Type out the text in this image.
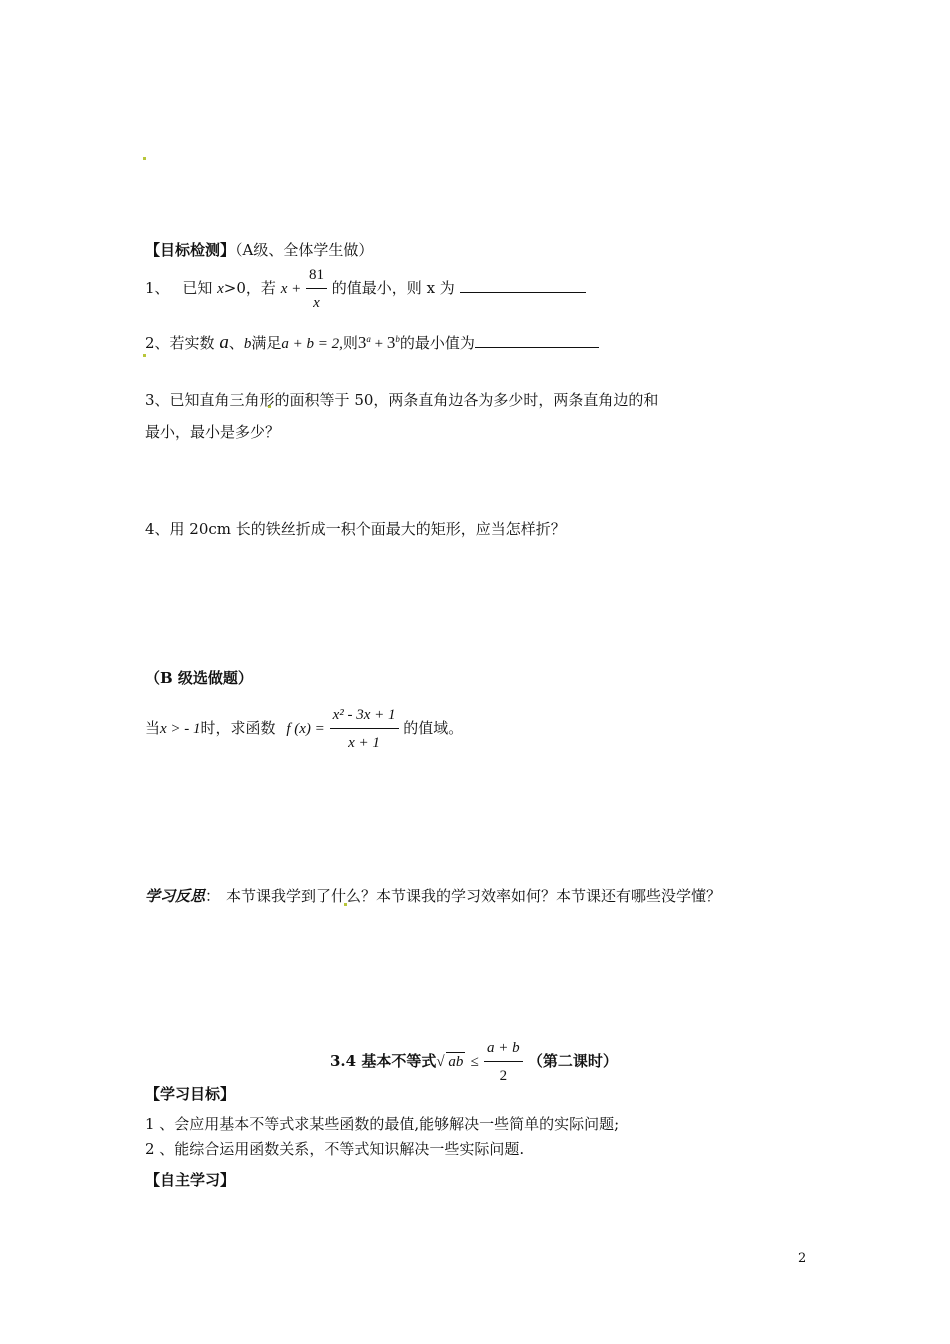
【目标检测】（A级、全体学生做）
1、 已知 x>0，若 $x + \frac{81}{x}$ 的值最小，则 x 为
2、若实数 a、b满足a + b = 2,则$3^a + 3^b$的最小值为
3、已知直角三角形的面积等于 50，两条直角边各为多少时，两条直角边的和
最小，最小是多少？
4、用 20cm 长的铁丝折成一积个面最大的矩形，应当怎样折？
（B 级选做题）
当x > - 1时，求函数 f $(x) = \frac{\text{x² - 3x + 1}}{x + 1}$ 的值域。
学习反思： 本节课我学到了什么？本节课我的学习效率如何？本节课还有哪些没学懂？
3.4 基本不等式 √ ab ≤ $\frac{a + b}{2}$ （第二课时）
【学习目标】
1 、会应用基本不等式求某些函数的最值,能够解决一些简单的实际问题;
2 、能综合运用函数关系，不等式知识解决一些实际问题.
【自主学习】
2
